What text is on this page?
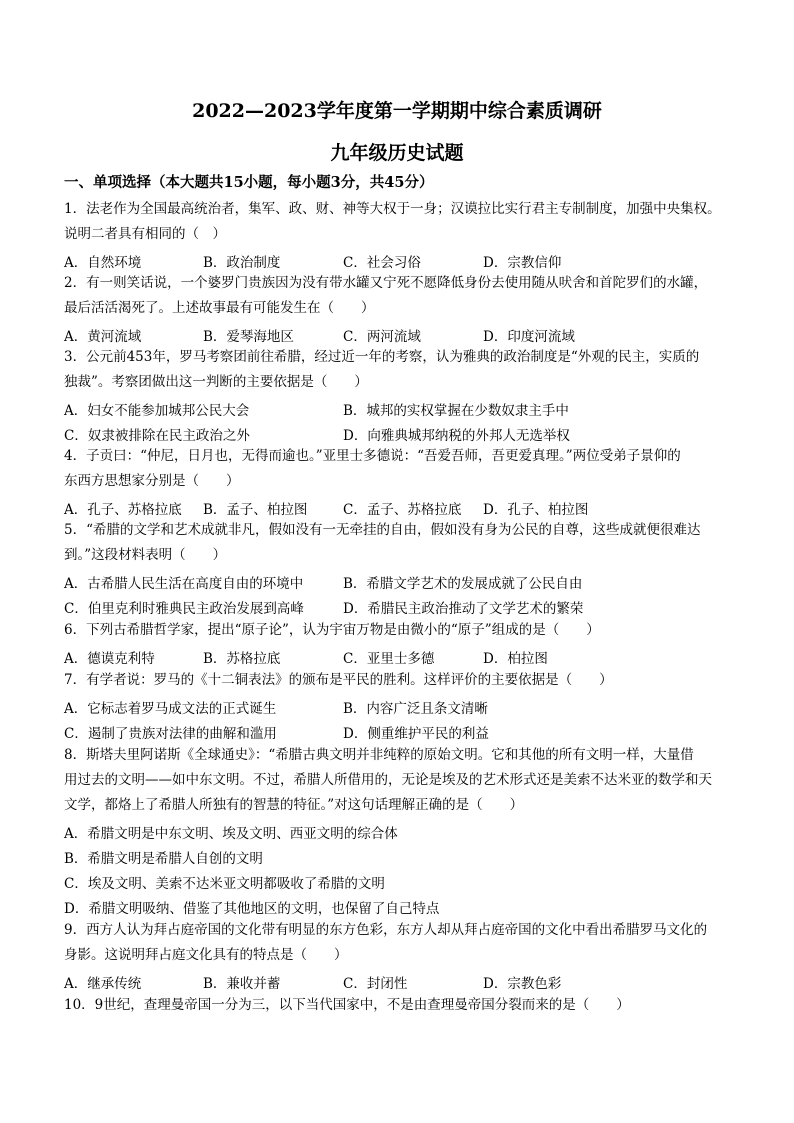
2022—2023学年度第一学期期中综合素质调研
九年级历史试题
一、单项选择（本大题共15小题，每小题3分，共45分）
1．法老作为全国最高统治者，集军、政、财、神等大权于一身；汉谟拉比实行君主专制制度，加强中央集权。
说明二者具有相同的（　）
A．自然环境	B．政治制度	C．社会习俗	D．宗教信仰
2．有一则笑话说，一个婆罗门贵族因为没有带水罐又宁死不愿降低身份去使用随从吠舍和首陀罗们的水罐，
最后活活渴死了。上述故事最有可能发生在（　　）
A．黄河流域	B．爱琴海地区	C．两河流域	D．印度河流域
3．公元前453年，罗马考察团前往希腊，经过近一年的考察，认为雅典的政治制度是“外观的民主，实质的
独裁”。考察团做出这一判断的主要依据是（　　）
A．妇女不能参加城邦公民大会	B．城邦的实权掌握在少数奴隶主手中
C．奴隶被排除在民主政治之外	D．向雅典城邦纳税的外邦人无选举权
4．子贡曰：“仲尼，日月也，无得而逾也。”亚里士多德说：“吾爱吾师，吾更爱真理。”两位受弟子景仰的
东西方思想家分别是（　　）
A．孔子、苏格拉底 B．孟子、柏拉图	C．孟子、苏格拉底 D．孔子、柏拉图
5．“希腊的文学和艺术成就非凡，假如没有一无牵挂的自由，假如没有身为公民的自尊，这些成就便很难达
到。”这段材料表明（　　）
A．古希腊人民生活在高度自由的环境中	B．希腊文学艺术的发展成就了公民自由
C．伯里克利时雅典民主政治发展到高峰	D．希腊民主政治推动了文学艺术的繁荣
6．下列古希腊哲学家，提出“原子论”，认为宇宙万物是由微小的“原子”组成的是（　　）
A．德谟克利特	B．苏格拉底	C．亚里士多德	D．柏拉图
7．有学者说：罗马的《十二铜表法》的颁布是平民的胜利。这样评价的主要依据是（　　）
A．它标志着罗马成文法的正式诞生	B．内容广泛且条文清晰
C．遏制了贵族对法律的曲解和滥用	D．侧重维护平民的利益
8．斯塔夫里阿诺斯《全球通史》：“希腊古典文明并非纯粹的原始文明。它和其他的所有文明一样，大量借
用过去的文明——如中东文明。不过，希腊人所借用的，无论是埃及的艺术形式还是美索不达米亚的数学和天
文学，都烙上了希腊人所独有的智慧的特征。”对这句话理解正确的是（　　）
A．希腊文明是中东文明、埃及文明、西亚文明的综合体
B．希腊文明是希腊人自创的文明
C．埃及文明、美索不达米亚文明都吸收了希腊的文明
D．希腊文明吸纳、借鉴了其他地区的文明，也保留了自己特点
9．西方人认为拜占庭帝国的文化带有明显的东方色彩，东方人却从拜占庭帝国的文化中看出希腊罗马文化的
身影。这说明拜占庭文化具有的特点是（　　）
A．继承传统	B．兼收并蓄	C．封闭性	D．宗教色彩
10．9世纪，查理曼帝国一分为三，以下当代国家中，不是由查理曼帝国分裂而来的是（　　）
